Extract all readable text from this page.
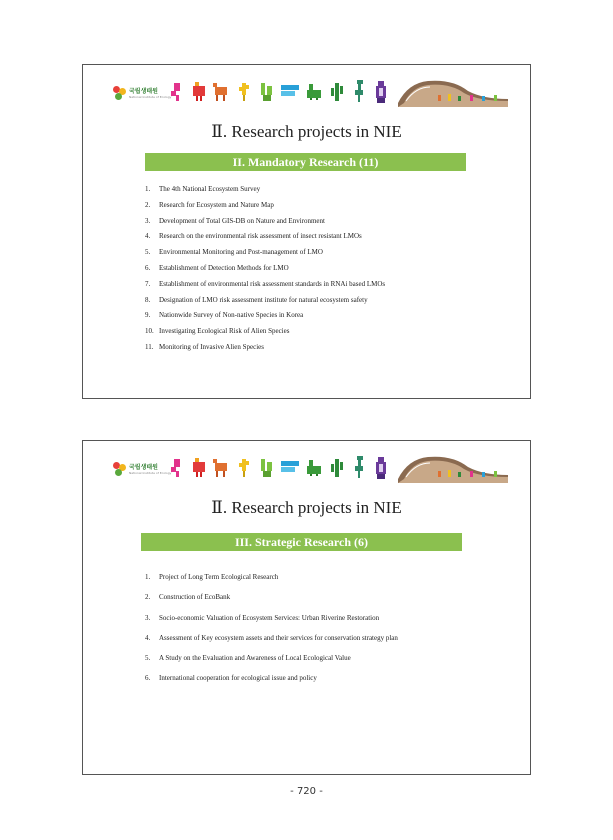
국립생태원
National Institute of Ecology
Ⅱ. Research projects in NIE
II. Mandatory Research (11)
1. The 4th National Ecosystem Survey
2. Research for Ecosystem and Nature Map
3. Development of Total GIS-DB on Nature and Environment
4. Research on the environmental risk assessment of insect resistant LMOs
5. Environmental Monitoring and Post-management of LMO
6. Establishment of Detection Methods for LMO
7. Establishment of environmental risk assessment standards in RNAi based LMOs
8. Designation of LMO risk assessment institute for natural ecosystem safety
9. Nationwide Survey of Non-native Species in Korea
10. Investigating Ecological Risk of Alien Species
11. Monitoring of Invasive Alien Species
국립생태원
National Institute of Ecology
Ⅱ. Research projects in NIE
III. Strategic Research (6)
1. Project of Long Term Ecological Research
2. Construction of EcoBank
3. Socio-economic Valuation of Ecosystem Services: Urban Riverine Restoration
4. Assessment of Key ecosystem assets and their services for conservation strategy plan
5. A Study on the Evaluation and Awareness of Local Ecological Value
6. International cooperation for ecological issue and policy
- 720 -
